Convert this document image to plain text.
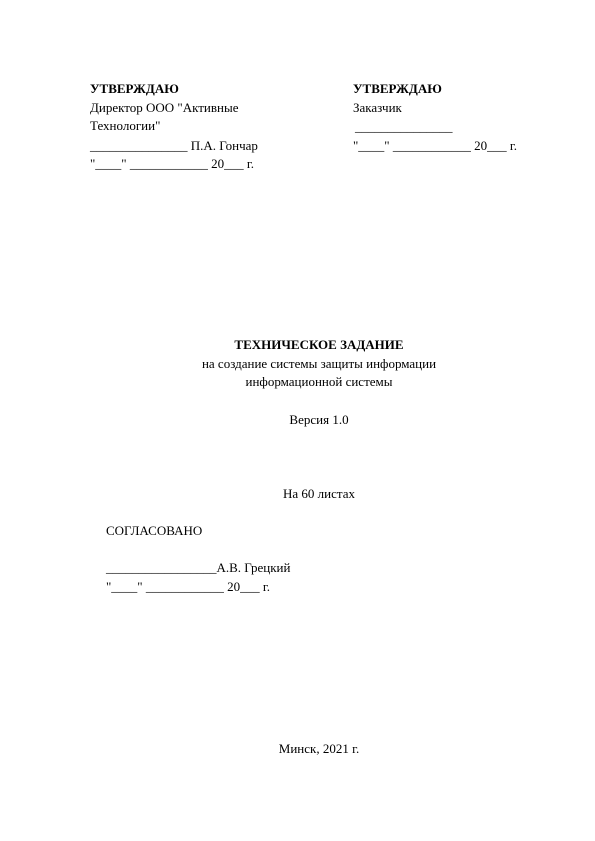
УТВЕРЖДАЮ
Директор ООО "Активные Технологии"
_______________ П.А. Гончар
"____" ____________ 20___ г.
УТВЕРЖДАЮ
Заказчик
_______________
"____" ____________ 20___ г.
ТЕХНИЧЕСКОЕ ЗАДАНИЕ
на создание системы защиты информации
информационной системы
Версия 1.0
На 60 листах
СОГЛАСОВАНО
_________________А.В. Грецкий
"____" ____________ 20___ г.
Минск, 2021 г.
